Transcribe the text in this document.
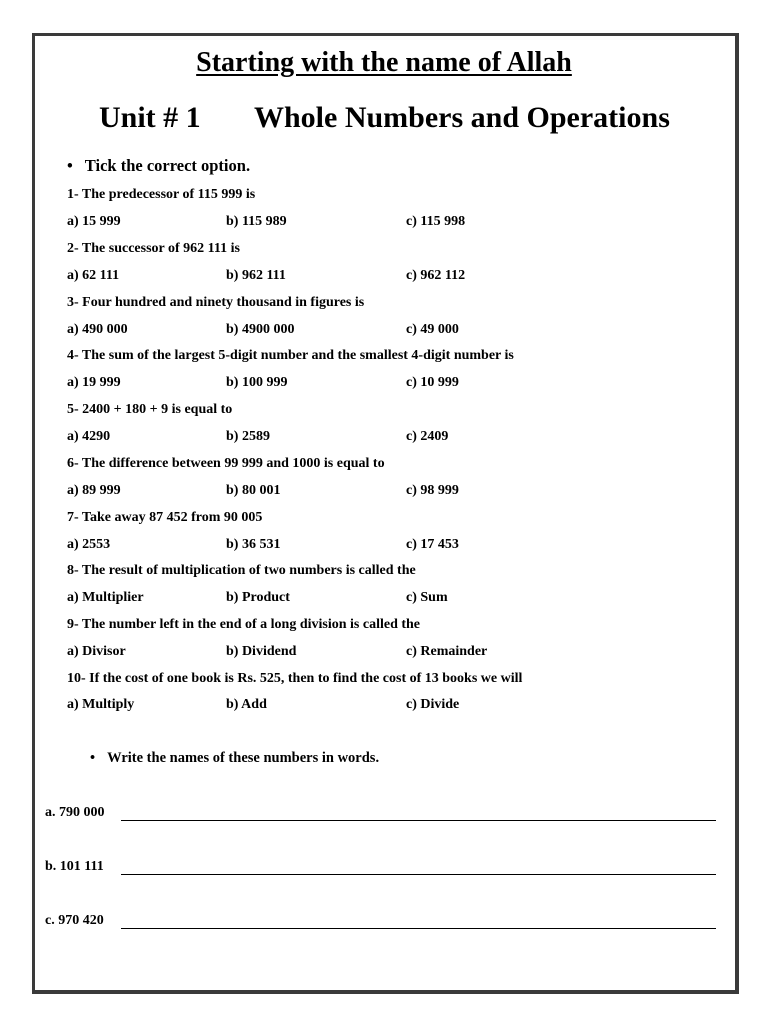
Starting with the name of Allah
Unit # 1 Whole Numbers and Operations
• Tick the correct option.
1- The predecessor of 115 999 is
a) 15 999	b) 115 989	c) 115 998
2- The successor of 962 111 is
a) 62 111	b) 962 111	c) 962 112
3- Four hundred and ninety thousand in figures is
a) 490 000	b) 4900 000	c) 49 000
4- The sum of the largest 5-digit number and the smallest 4-digit number is
a) 19 999	b) 100 999	c) 10 999
5- 2400 + 180 + 9 is equal to
a) 4290	b) 2589	c) 2409
6- The difference between 99 999 and 1000 is equal to
a) 89 999	b) 80 001	c) 98 999
7- Take away 87 452 from 90 005
a) 2553	b) 36 531	c) 17 453
8- The result of multiplication of two numbers is called the
a) Multiplier	b) Product	c) Sum
9- The number left in the end of a long division is called the
a) Divisor	b) Dividend	c) Remainder
10- If the cost of one book is Rs. 525, then to find the cost of 13 books we will
a) Multiply	b) Add	c) Divide
• Write the names of these numbers in words.
a. 790 000
b. 101 111
c. 970 420
